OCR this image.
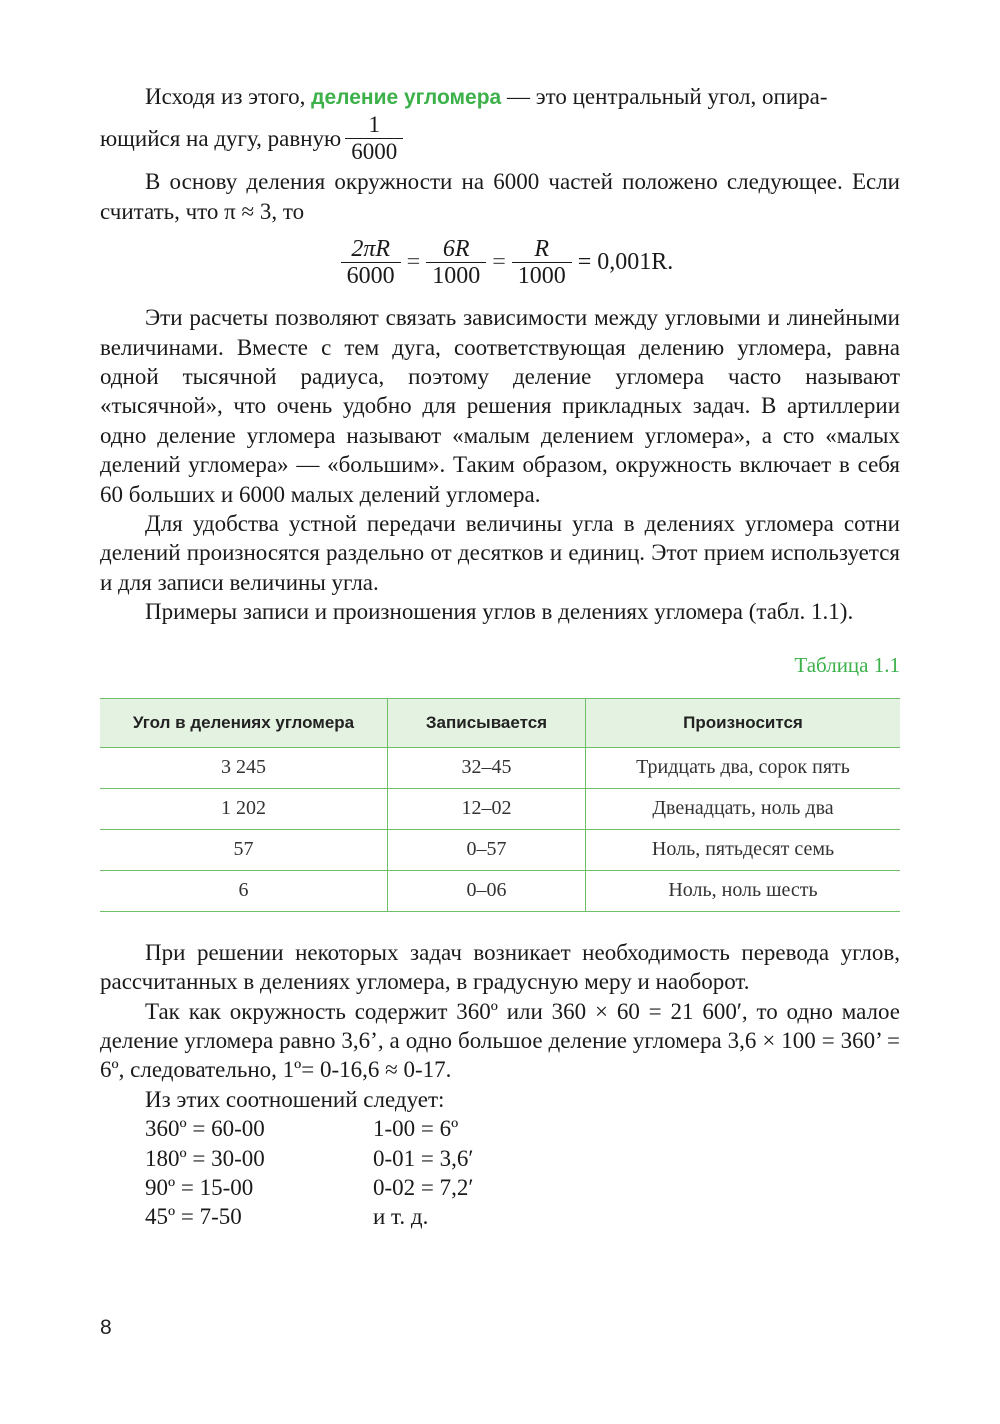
Исходя из этого, деление угломера — это центральный угол, опира-

ющийся на дугу, равную $\frac{1}{6000}$

В основу деления окружности на 6000 частей положено следующее. Если считать, что π ≈ 3, то

$\frac{2\pi R}{6000} = \frac{6R}{1000} = \frac{R}{1000} = 0,001R$.

Эти расчеты позволяют связать зависимости между угловыми и линейными величинами. Вместе с тем дуга, соответствующая делению угломера, равна одной тысячной радиуса, поэтому деление угломера часто называют «тысячной», что очень удобно для решения прикладных задач. В артиллерии одно деление угломера называют «малым делением угломера», а сто «малых делений угломера» — «большим». Таким образом, окружность включает в себя 60 больших и 6000 малых делений угломера.

Для удобства устной передачи величины угла в делениях угломера сотни делений произносятся раздельно от десятков и единиц. Этот прием используется и для записи величины угла.

Примеры записи и произношения углов в делениях угломера (табл. 1.1).

Таблица 1.1
Угол в делениях угломера	Записывается	Произносится
3 245	32–45	Тридцать два, сорок пять
1 202	12–02	Двенадцать, ноль два
57	0–57	Ноль, пятьдесят семь
6	0–06	Ноль, ноль шесть

При решении некоторых задач возникает необходимость перевода углов, рассчитанных в делениях угломера, в градусную меру и наоборот.

Так как окружность содержит 360º или 360 × 60 = 21 600′, то одно малое деление угломера равно 3,6’, а одно большое деление угломера 3,6 × 100 = 360’ = 6º, следовательно, 1º= 0-16,6 ≈ 0-17.

Из этих соотношений следует:

360º = 60-00	1-00 = 6º
180º = 30-00	0-01 = 3,6′
90º = 15-00	0-02 = 7,2′
45º = 7-50	и т. д.
8
